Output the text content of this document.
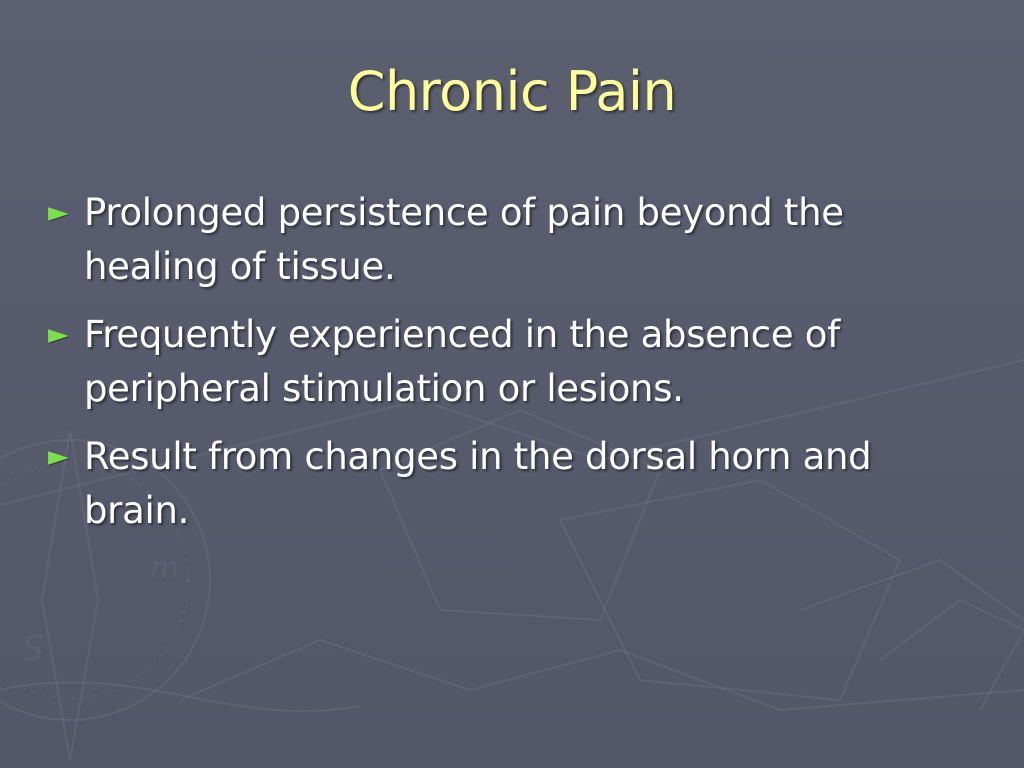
S
m
Chronic Pain
► Prolonged persistence of pain beyond the healing of tissue.
► Frequently experienced in the absence of peripheral stimulation or lesions.
► Result from changes in the dorsal horn and brain.
